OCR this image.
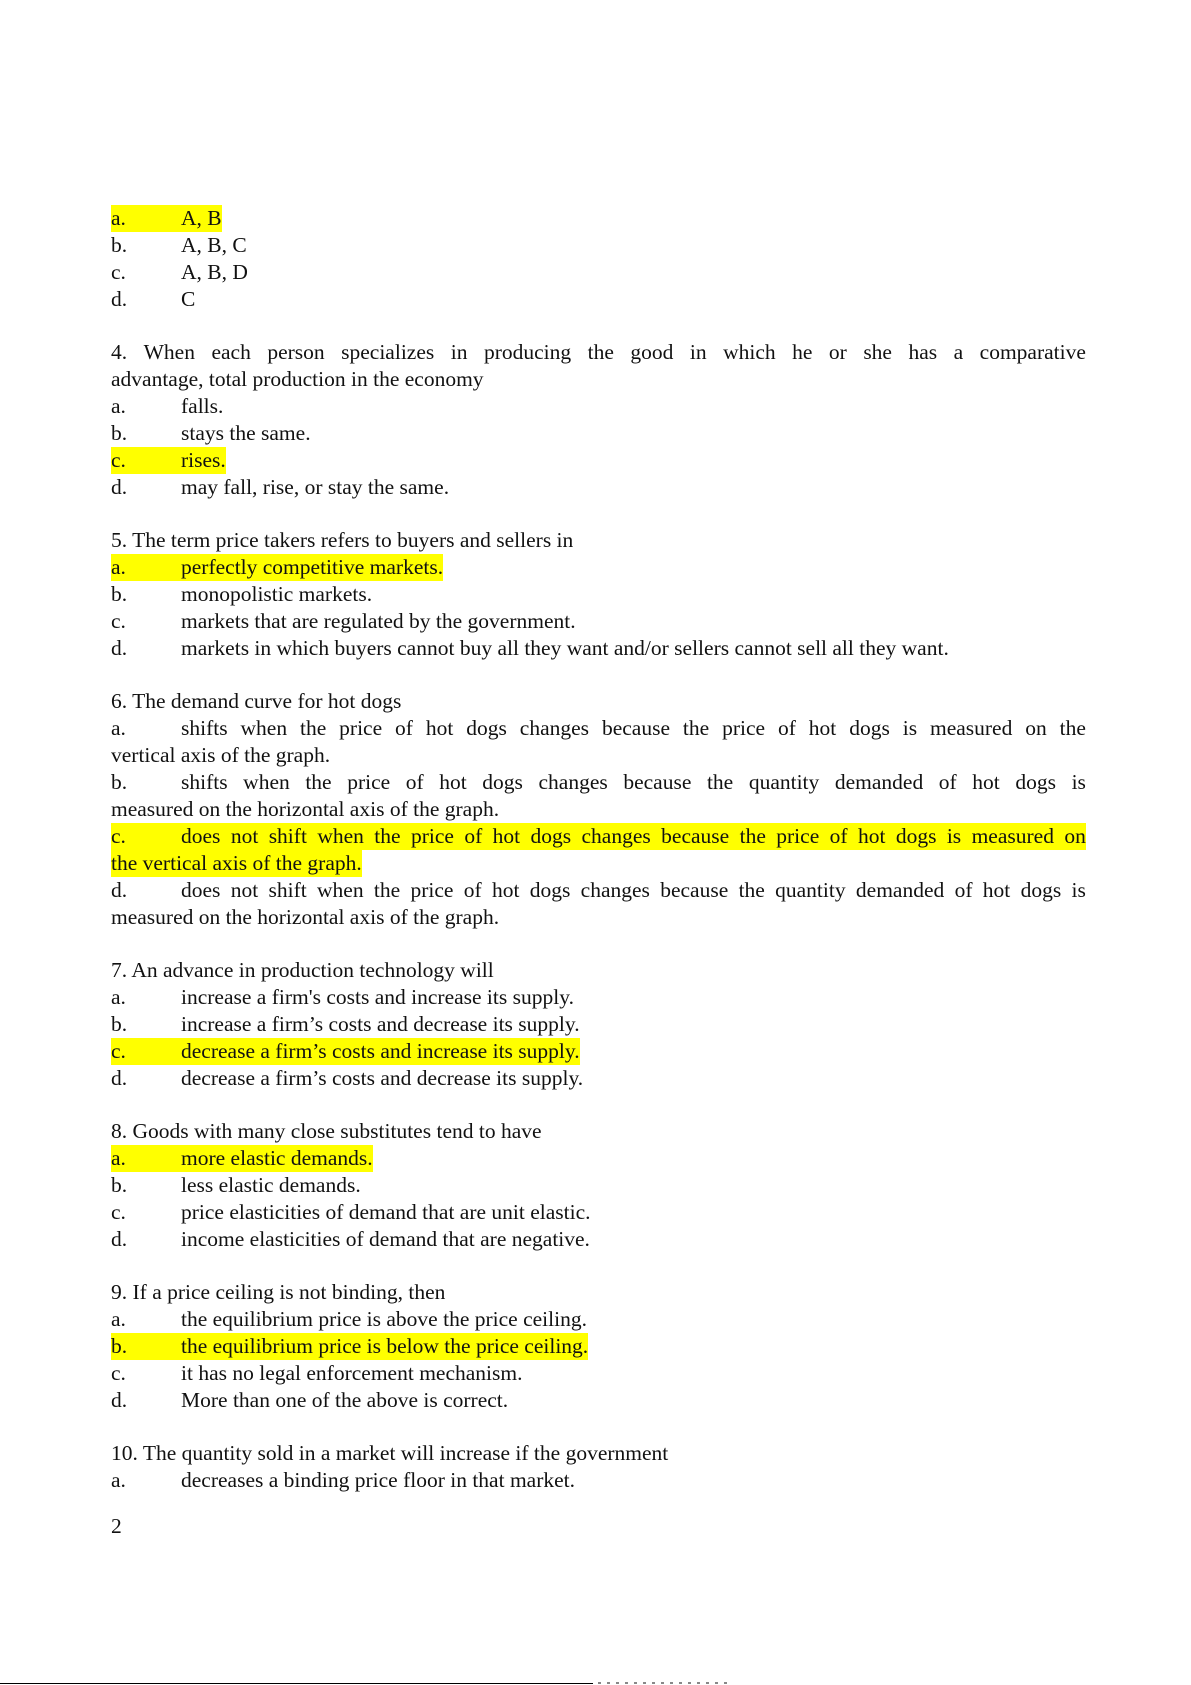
a.	A, B
b.	A, B, C
c.	A, B, D
d.	C
4. When each person specializes in producing the good in which he or she has a comparative
advantage, total production in the economy
a.	falls.
b.	stays the same.
c.	rises.
d.	may fall, rise, or stay the same.
5. The term price takers refers to buyers and sellers in
a.	perfectly competitive markets.
b.	monopolistic markets.
c.	markets that are regulated by the government.
d.	markets in which buyers cannot buy all they want and/or sellers cannot sell all they want.
6. The demand curve for hot dogs
a.	shifts when the price of hot dogs changes because the price of hot dogs is measured on the
vertical axis of the graph.
b.	shifts when the price of hot dogs changes because the quantity demanded of hot dogs is
measured on the horizontal axis of the graph.
c.	does not shift when the price of hot dogs changes because the price of hot dogs is measured on
the vertical axis of the graph.
d.	does not shift when the price of hot dogs changes because the quantity demanded of hot dogs is
measured on the horizontal axis of the graph.
7. An advance in production technology will
a.	increase a firm's costs and increase its supply.
b.	increase a firm’s costs and decrease its supply.
c.	decrease a firm’s costs and increase its supply.
d.	decrease a firm’s costs and decrease its supply.
8. Goods with many close substitutes tend to have
a.	more elastic demands.
b.	less elastic demands.
c.	price elasticities of demand that are unit elastic.
d.	income elasticities of demand that are negative.
9. If a price ceiling is not binding, then
a.	the equilibrium price is above the price ceiling.
b.	the equilibrium price is below the price ceiling.
c.	it has no legal enforcement mechanism.
d.	More than one of the above is correct.
10. The quantity sold in a market will increase if the government
a.	decreases a binding price floor in that market.
2
